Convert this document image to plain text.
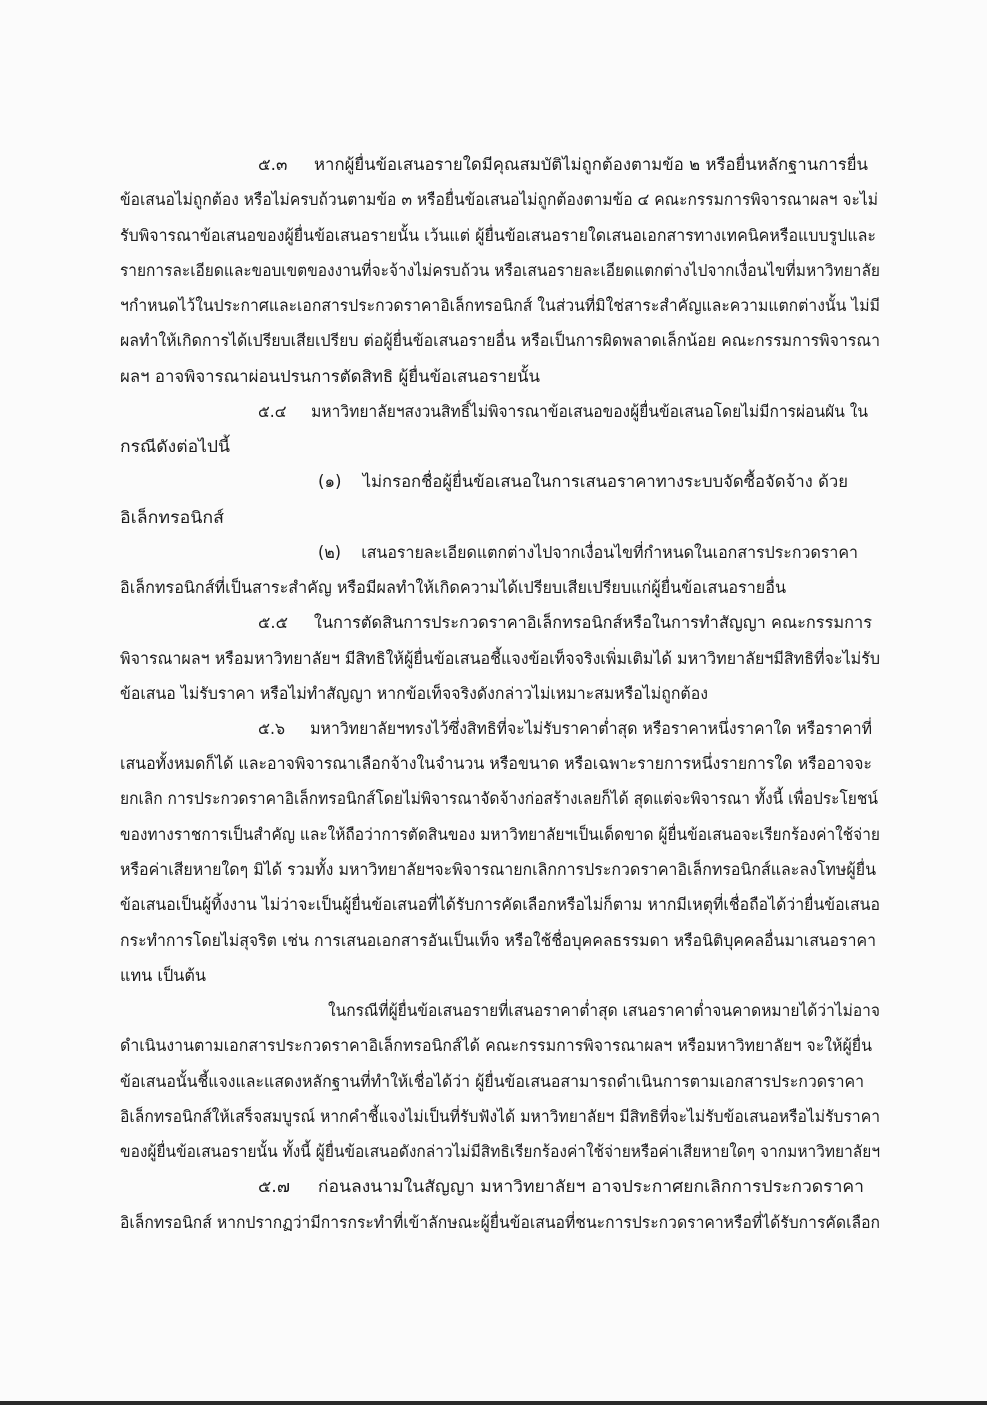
๕.๓     หากผู้ยื่นข้อเสนอรายใดมีคุณสมบัติไม่ถูกต้องตามข้อ ๒ หรือยื่นหลักฐานการยื่น
ข้อเสนอไม่ถูกต้อง หรือไม่ครบถ้วนตามข้อ ๓ หรือยื่นข้อเสนอไม่ถูกต้องตามข้อ ๔ คณะกรรมการพิจารณาผลฯ จะไม่
รับพิจารณาข้อเสนอของผู้ยื่นข้อเสนอรายนั้น เว้นแต่ ผู้ยื่นข้อเสนอรายใดเสนอเอกสารทางเทคนิคหรือแบบรูปและ
รายการละเอียดและขอบเขตของงานที่จะจ้างไม่ครบถ้วน หรือเสนอรายละเอียดแตกต่างไปจากเงื่อนไขที่มหาวิทยาลัย
ฯกำหนดไว้ในประกาศและเอกสารประกวดราคาอิเล็กทรอนิกส์ ในส่วนที่มิใช่สาระสำคัญและความแตกต่างนั้น ไม่มี
ผลทำให้เกิดการได้เปรียบเสียเปรียบ ต่อผู้ยื่นข้อเสนอรายอื่น หรือเป็นการผิดพลาดเล็กน้อย คณะกรรมการพิจารณา
ผลฯ อาจพิจารณาผ่อนปรนการตัดสิทธิ ผู้ยื่นข้อเสนอรายนั้น
๕.๔     มหาวิทยาลัยฯสงวนสิทธิ์ไม่พิจารณาข้อเสนอของผู้ยื่นข้อเสนอโดยไม่มีการผ่อนผัน ใน
กรณีดังต่อไปนี้
(๑)    ไม่กรอกชื่อผู้ยื่นข้อเสนอในการเสนอราคาทางระบบจัดซื้อจัดจ้าง ด้วย
อิเล็กทรอนิกส์
(๒)    เสนอรายละเอียดแตกต่างไปจากเงื่อนไขที่กำหนดในเอกสารประกวดราคา
อิเล็กทรอนิกส์ที่เป็นสาระสำคัญ หรือมีผลทำให้เกิดความได้เปรียบเสียเปรียบแก่ผู้ยื่นข้อเสนอรายอื่น
๕.๕     ในการตัดสินการประกวดราคาอิเล็กทรอนิกส์หรือในการทำสัญญา คณะกรรมการ
พิจารณาผลฯ หรือมหาวิทยาลัยฯ มีสิทธิให้ผู้ยื่นข้อเสนอชี้แจงข้อเท็จจริงเพิ่มเติมได้ มหาวิทยาลัยฯมีสิทธิที่จะไม่รับ
ข้อเสนอ ไม่รับราคา หรือไม่ทำสัญญา หากข้อเท็จจริงดังกล่าวไม่เหมาะสมหรือไม่ถูกต้อง
๕.๖     มหาวิทยาลัยฯทรงไว้ซึ่งสิทธิที่จะไม่รับราคาต่ำสุด หรือราคาหนึ่งราคาใด หรือราคาที่
เสนอทั้งหมดก็ได้ และอาจพิจารณาเลือกจ้างในจำนวน หรือขนาด หรือเฉพาะรายการหนึ่งรายการใด หรืออาจจะ
ยกเลิก การประกวดราคาอิเล็กทรอนิกส์โดยไม่พิจารณาจัดจ้างก่อสร้างเลยก็ได้ สุดแต่จะพิจารณา ทั้งนี้ เพื่อประโยชน์
ของทางราชการเป็นสำคัญ และให้ถือว่าการตัดสินของ มหาวิทยาลัยฯเป็นเด็ดขาด ผู้ยื่นข้อเสนอจะเรียกร้องค่าใช้จ่าย
หรือค่าเสียหายใดๆ มิได้ รวมทั้ง มหาวิทยาลัยฯจะพิจารณายกเลิกการประกวดราคาอิเล็กทรอนิกส์และลงโทษผู้ยื่น
ข้อเสนอเป็นผู้ทิ้งงาน ไม่ว่าจะเป็นผู้ยื่นข้อเสนอที่ได้รับการคัดเลือกหรือไม่ก็ตาม หากมีเหตุที่เชื่อถือได้ว่ายื่นข้อเสนอ
กระทำการโดยไม่สุจริต เช่น การเสนอเอกสารอันเป็นเท็จ หรือใช้ชื่อบุคคลธรรมดา หรือนิติบุคคลอื่นมาเสนอราคา
แทน เป็นต้น
ในกรณีที่ผู้ยื่นข้อเสนอรายที่เสนอราคาต่ำสุด เสนอราคาต่ำจนคาดหมายได้ว่าไม่อาจ
ดำเนินงานตามเอกสารประกวดราคาอิเล็กทรอนิกส์ได้ คณะกรรมการพิจารณาผลฯ หรือมหาวิทยาลัยฯ จะให้ผู้ยื่น
ข้อเสนอนั้นชี้แจงและแสดงหลักฐานที่ทำให้เชื่อได้ว่า ผู้ยื่นข้อเสนอสามารถดำเนินการตามเอกสารประกวดราคา
อิเล็กทรอนิกส์ให้เสร็จสมบูรณ์ หากคำชี้แจงไม่เป็นที่รับฟังได้ มหาวิทยาลัยฯ มีสิทธิที่จะไม่รับข้อเสนอหรือไม่รับราคา
ของผู้ยื่นข้อเสนอรายนั้น ทั้งนี้ ผู้ยื่นข้อเสนอดังกล่าวไม่มีสิทธิเรียกร้องค่าใช้จ่ายหรือค่าเสียหายใดๆ จากมหาวิทยาลัยฯ
๕.๗     ก่อนลงนามในสัญญา มหาวิทยาลัยฯ อาจประกาศยกเลิกการประกวดราคา
อิเล็กทรอนิกส์ หากปรากฏว่ามีการกระทำที่เข้าลักษณะผู้ยื่นข้อเสนอที่ชนะการประกวดราคาหรือที่ได้รับการคัดเลือก
